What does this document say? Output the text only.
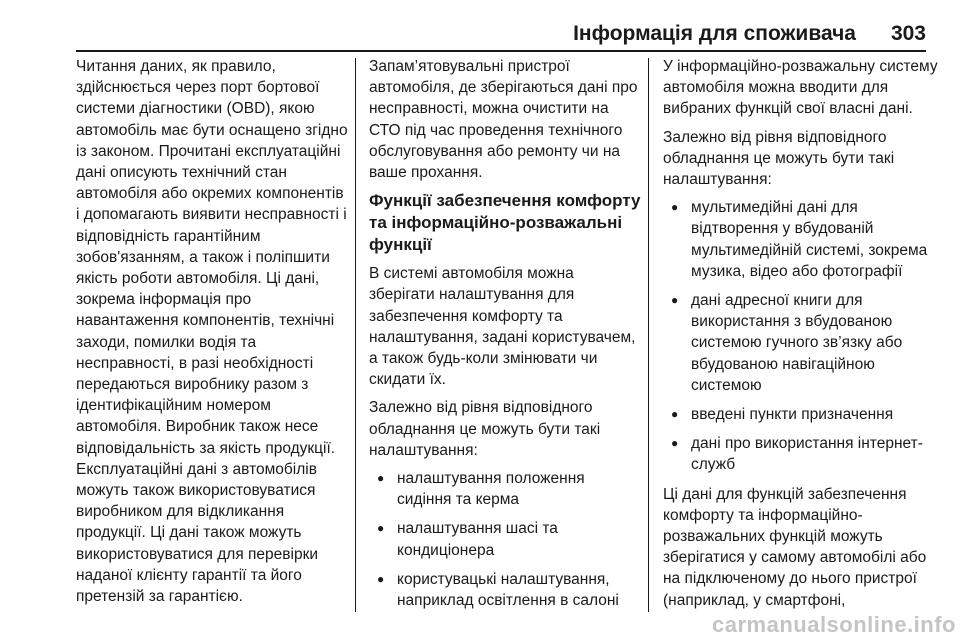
Інформація для споживача 303

Читання даних, як правило, здійснюється через порт бортової системи діагностики (OBD), якою автомобіль має бути оснащено згідно із законом. Прочитані експлуатаційні дані описують технічний стан автомобіля або окремих компонентів і допомагають виявити несправності і відповідність гарантійним зобов'язанням, а також і поліпшити якість роботи автомобіля. Ці дані, зокрема інформація про навантаження компонентів, технічні заходи, помилки водія та несправності, в разі необхідності передаються виробнику разом з ідентифікаційним номером автомобіля. Виробник також несе відповідальність за якість продукції. Експлуатаційні дані з автомобілів можуть також використовуватися виробником для відкликання продукції. Ці дані також можуть використовуватися для перевірки наданої клієнту гарантії та його претензій за гарантією.

Запам’ятовувальні пристрої автомобіля, де зберігаються дані про несправності, можна очистити на СТО під час проведення технічного обслуговування або ремонту чи на ваше прохання.

Функції забезпечення комфорту та інформаційно-розважальні функції

В системі автомобіля можна зберігати налаштування для забезпечення комфорту та налаштування, задані користувачем, а також будь-коли змінювати чи скидати їх.

Залежно від рівня відповідного обладнання це можуть бути такі налаштування:

● налаштування положення сидіння та керма
● налаштування шасі та кондиціонера
● користувацькі налаштування, наприклад освітлення в салоні

У інформаційно-розважальну систему автомобіля можна вводити для вибраних функцій свої власні дані.

Залежно від рівня відповідного обладнання це можуть бути такі налаштування:

● мультимедійні дані для відтворення у вбудованій мультимедійній системі, зокрема музика, відео або фотографії
● дані адресної книги для використання з вбудованою системою гучного зв’язку або вбудованою навігаційною системою
● введені пункти призначення
● дані про використання інтернет-служб

Ці дані для функцій забезпечення комфорту та інформаційно-розважальних функцій можуть зберігатися у самому автомобілі або на підключеному до нього пристрої (наприклад, у смартфоні,

carmanualsonline.info
